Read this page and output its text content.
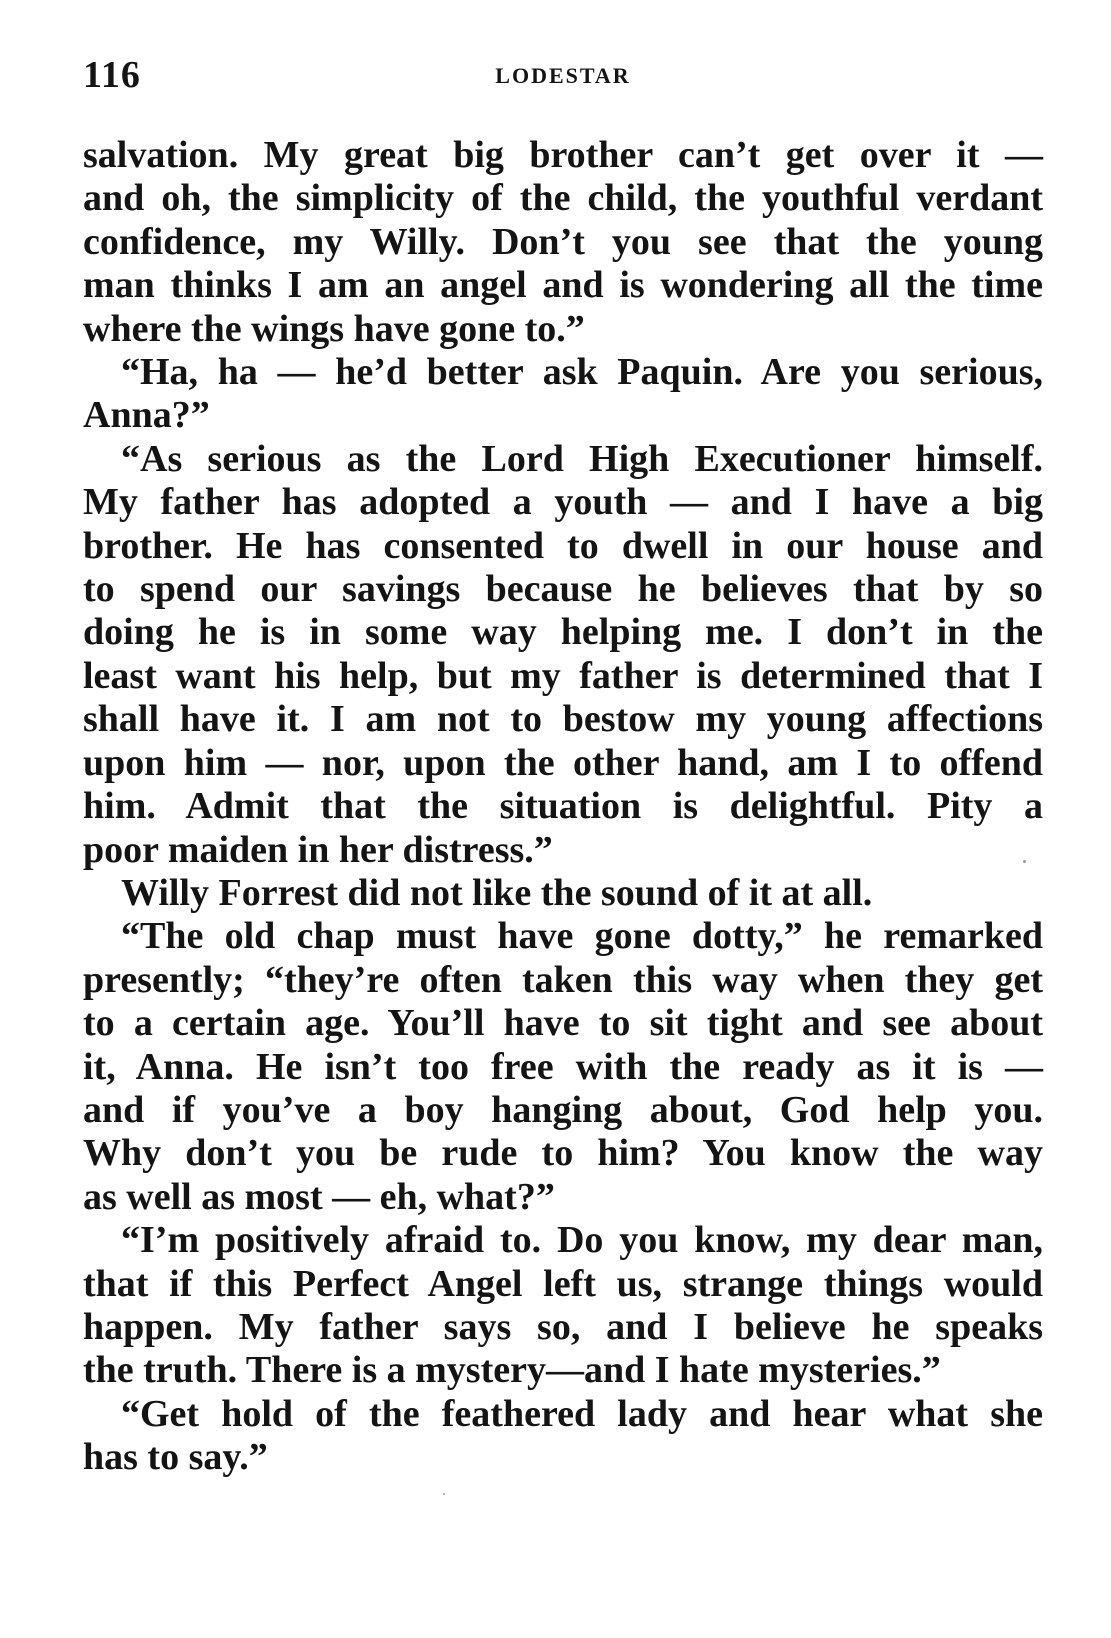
116	LODESTAR
salvation. My great big brother can’t get over it —
and oh, the simplicity of the child, the youthful verdant
confidence, my Willy. Don’t you see that the young
man thinks I am an angel and is wondering all the time
where the wings have gone to.”
“Ha, ha — he’d better ask Paquin. Are you serious,
Anna?”
“As serious as the Lord High Executioner himself.
My father has adopted a youth — and I have a big
brother. He has consented to dwell in our house and
to spend our savings because he believes that by so
doing he is in some way helping me. I don’t in the
least want his help, but my father is determined that I
shall have it. I am not to bestow my young affections
upon him — nor, upon the other hand, am I to offend
him. Admit that the situation is delightful. Pity a
poor maiden in her distress.”
Willy Forrest did not like the sound of it at all.
“The old chap must have gone dotty,” he remarked
presently; “they’re often taken this way when they get
to a certain age. You’ll have to sit tight and see about
it, Anna. He isn’t too free with the ready as it is —
and if you’ve a boy hanging about, God help you.
Why don’t you be rude to him? You know the way
as well as most — eh, what?”
“I’m positively afraid to. Do you know, my dear man,
that if this Perfect Angel left us, strange things would
happen. My father says so, and I believe he speaks
the truth. There is a mystery—and I hate mysteries.”
“Get hold of the feathered lady and hear what she
has to say.”
